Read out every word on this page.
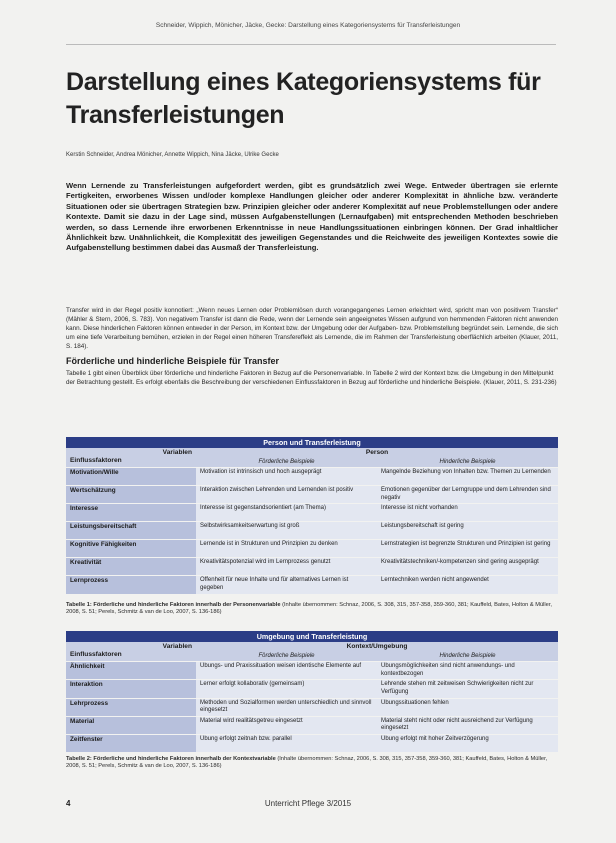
Schneider, Wippich, Mönicher, Jäcke, Gecke: Darstellung eines Kategoriensystems für Transferleistungen
Darstellung eines Kategoriensystems für Transferleistungen
Kerstin Schneider, Andrea Mönicher, Annette Wippich, Nina Jäcke, Ulrike Gecke

Wenn Lernende zu Transferleistungen aufgefordert werden, gibt es grundsätzlich zwei Wege. Entweder übertragen sie erlernte Fertigkeiten, erworbenes Wissen und/oder komplexe Handlungen gleicher oder anderer Komplexität in ähnliche bzw. veränderte Situationen oder sie übertragen Strategien bzw. Prinzipien gleicher oder anderer Komplexität auf neue Problemstellungen oder andere Kontexte. Damit sie dazu in der Lage sind, müssen Aufgabenstellungen (Lernaufgaben) mit entsprechenden Methoden beschrieben werden, so dass Lernende ihre erworbenen Erkenntnisse in neue Handlungssituationen einbringen können. Der Grad inhaltlicher Ähnlichkeit bzw. Unähnlichkeit, die Komplexität des jeweiligen Gegenstandes und die Reichweite des jeweiligen Kontextes sowie die Aufgabenstellung bestimmen dabei das Ausmaß der Transferleistung.

Transfer wird in der Regel positiv konnotiert: „Wenn neues Lernen oder Problemlösen durch vorangegangenes Lernen erleichtert wird, spricht man von positivem Transfer“ (Mähler & Stern, 2006, S. 783). Von negativem Transfer ist dann die Rede, wenn der Lernende sein angeeignetes Wissen aufgrund von hemmenden Faktoren nicht anwenden kann. Diese hinderlichen Faktoren können entweder in der Person, im Kontext bzw. der Umgebung oder der Aufgaben- bzw. Problemstellung begründet sein. Lernende, die sich um eine tiefe Verarbeitung bemühen, erzielen in der Regel einen höheren Transfereffekt als Lernende, die im Rahmen der Transferleistung oberflächlich arbeiten (Klauer, 2011, S. 184).

Förderliche und hinderliche Beispiele für Transfer

Tabelle 1 gibt einen Überblick über förderliche und hinderliche Faktoren in Bezug auf die Personenvariable. In Tabelle 2 wird der Kontext bzw. die Umgebung in den Mittelpunkt der Betrachtung gestellt. Es erfolgt ebenfalls die Beschreibung der verschiedenen Einflussfaktoren in Bezug auf förderliche und hinderliche Beispiele. (Klauer, 2011, S. 231-236)

Person und Transferleistung		

Variablen
Einflussfaktoren	Person	
	Förderliche Beispiele	Hinderliche Beispiele

Motivation/Wille	Motivation ist intrinsisch und hoch ausgeprägt	Mangelnde Beziehung von Inhalten bzw. Themen zu Lernenden

Wertschätzung	Interaktion zwischen Lehrenden und Lernenden ist positiv	Emotionen gegenüber der Lerngruppe und dem Lehrenden sind negativ

Interesse	Interesse ist gegenstandsorientiert (am Thema)	Interesse ist nicht vorhanden

Leistungsbereitschaft	Selbstwirksamkeitserwartung ist groß	Leistungsbereitschaft ist gering

Kognitive Fähigkeiten	Lernende ist in Strukturen und Prinzipien zu denken	Lernstrategien ist begrenzte Strukturen und Prinzipien ist gering

Kreativität	Kreativitätspotenzial wird im Lernprozess genutzt	Kreativitätstechniken/-kompetenzen sind gering ausgeprägt

Lernprozess	Offenheit für neue Inhalte und für alternatives Lernen ist gegeben	Lerntechniken werden nicht angewendet

Tabelle 1: Förderliche und hinderliche Faktoren innerhalb der Personenvariable (Inhalte übernommen: Schnaz, 2006, S. 308, 315, 357-358, 359-360, 381; Kauffeld, Bates, Holton & Müller, 2008, S. 51; Perels, Schmitz & van de Loo, 2007, S. 136-186)

Umgebung und Transferleistung		

Variablen
Einflussfaktoren	Kontext/Umgebung	
	Förderliche Beispiele	Hinderliche Beispiele

Ähnlichkeit	Übungs- und Praxissituation weisen identische Elemente auf	Übungsmöglichkeiten sind nicht anwendungs- und kontextbezogen

Interaktion	Lerner erfolgt kollaborativ (gemeinsam)	Lehrende stehen mit zeitweisen Schwierigkeiten nicht zur Verfügung

Lehrprozess	Methoden und Sozialformen werden unterschiedlich und sinnvoll eingesetzt	Übungssituationen fehlen

Material	Material wird realitätsgetreu eingesetzt	Material steht nicht oder nicht ausreichend zur Verfügung eingesetzt

Zeitfenster	Übung erfolgt zeitnah bzw. parallel	Übung erfolgt mit hoher Zeitverzögerung

Tabelle 2: Förderliche und hinderliche Faktoren innerhalb der Kontextvariable (Inhalte übernommen: Schnaz, 2006, S. 308, 315, 357-358, 359-360, 381; Kauffeld, Bates, Holton & Müller, 2008, S. 51; Perels, Schmitz & van de Loo, 2007, S. 136-186)

4	Unterricht Pflege 3/2015
